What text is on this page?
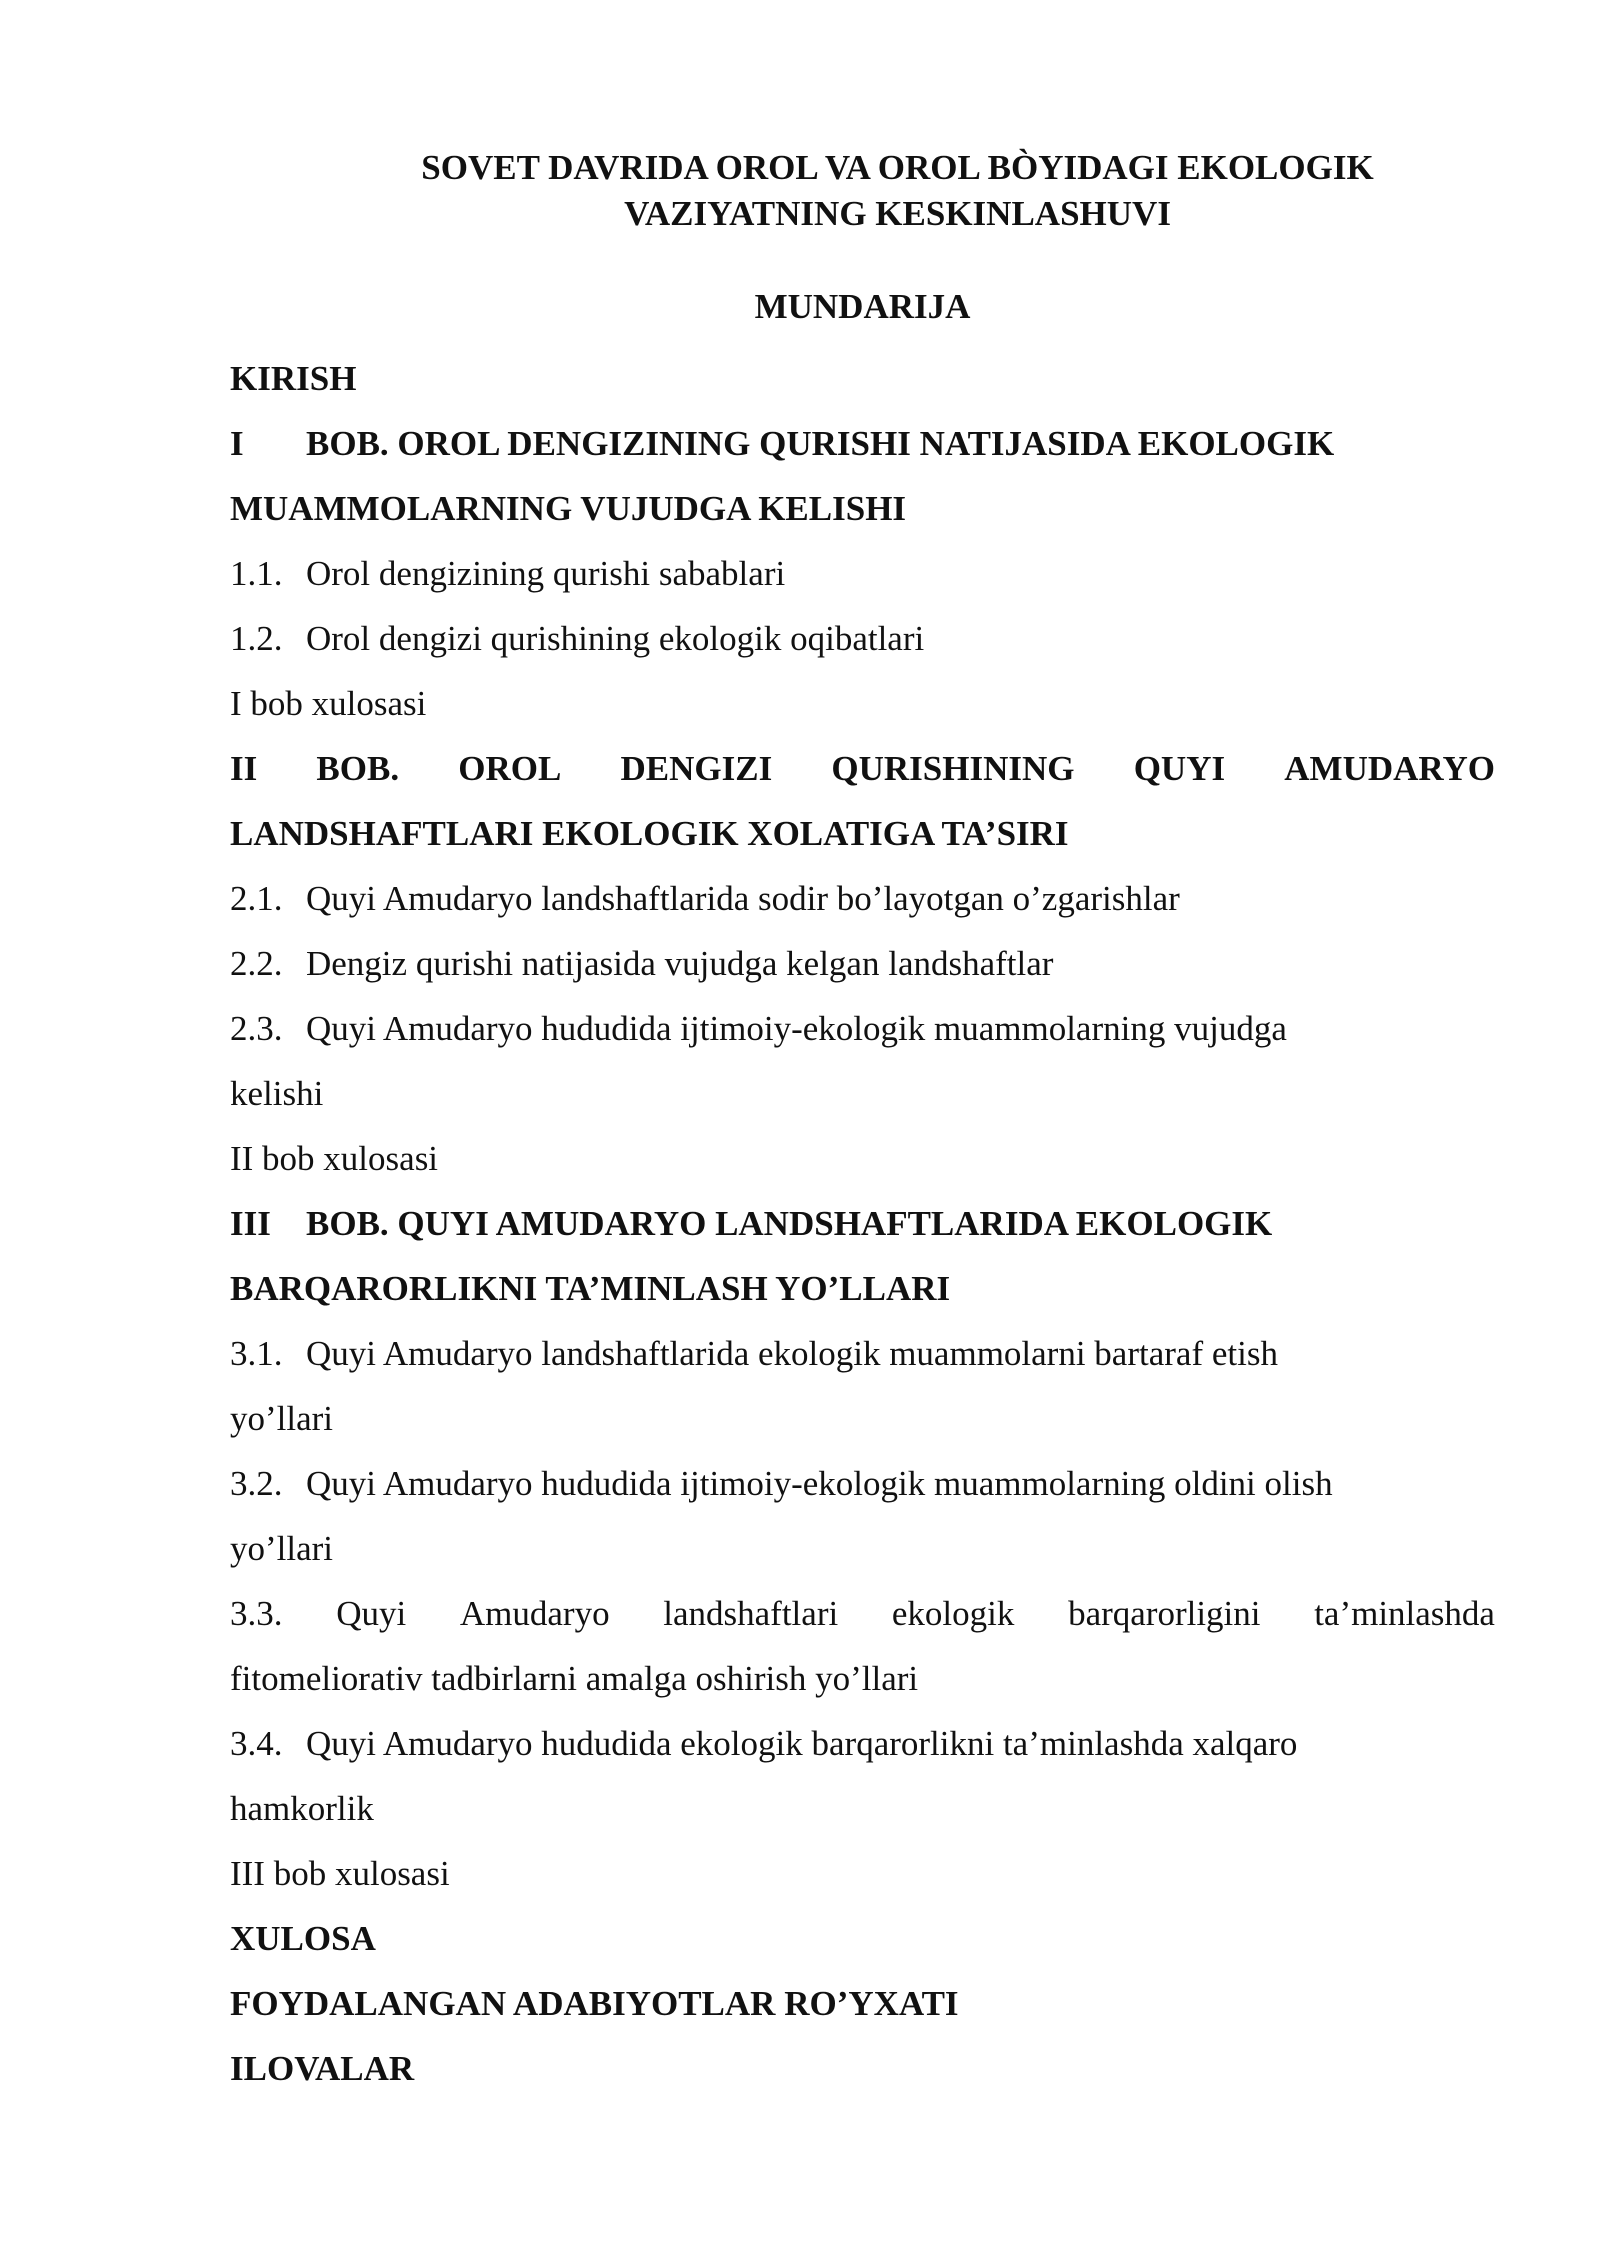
SOVET DAVRIDA OROL VA OROL BÒYIDAGI EKOLOGIK
VAZIYATNING KESKINLASHUVI
MUNDARIJA
KIRISH
I BOB. OROL DENGIZINING QURISHI NATIJASIDA EKOLOGIK
MUAMMOLARNING VUJUDGA KELISHI
1.1. Orol dengizining qurishi sabablari
1.2. Orol dengizi qurishining ekologik oqibatlari
I bob xulosasi
II BOB. OROL DENGIZI QURISHINING QUYI AMUDARYO
LANDSHAFTLARI EKOLOGIK XOLATIGA TA’SIRI
2.1. Quyi Amudaryo landshaftlarida sodir bo’layotgan o’zgarishlar
2.2. Dengiz qurishi natijasida vujudga kelgan landshaftlar
2.3. Quyi Amudaryo hududida ijtimoiy-ekologik muammolarning vujudga
kelishi
II bob xulosasi
III BOB. QUYI AMUDARYO LANDSHAFTLARIDA EKOLOGIK
BARQARORLIKNI TA’MINLASH YO’LLARI
3.1. Quyi Amudaryo landshaftlarida ekologik muammolarni bartaraf etish
yo’llari
3.2. Quyi Amudaryo hududida ijtimoiy-ekologik muammolarning oldini olish
yo’llari
3.3. Quyi Amudaryo landshaftlari ekologik barqarorligini ta’minlashda
fitomeliorativ tadbirlarni amalga oshirish yo’llari
3.4. Quyi Amudaryo hududida ekologik barqarorlikni ta’minlashda xalqaro
hamkorlik
III bob xulosasi
XULOSA
FOYDALANGAN ADABIYOTLAR RO’YXATI
ILOVALAR
